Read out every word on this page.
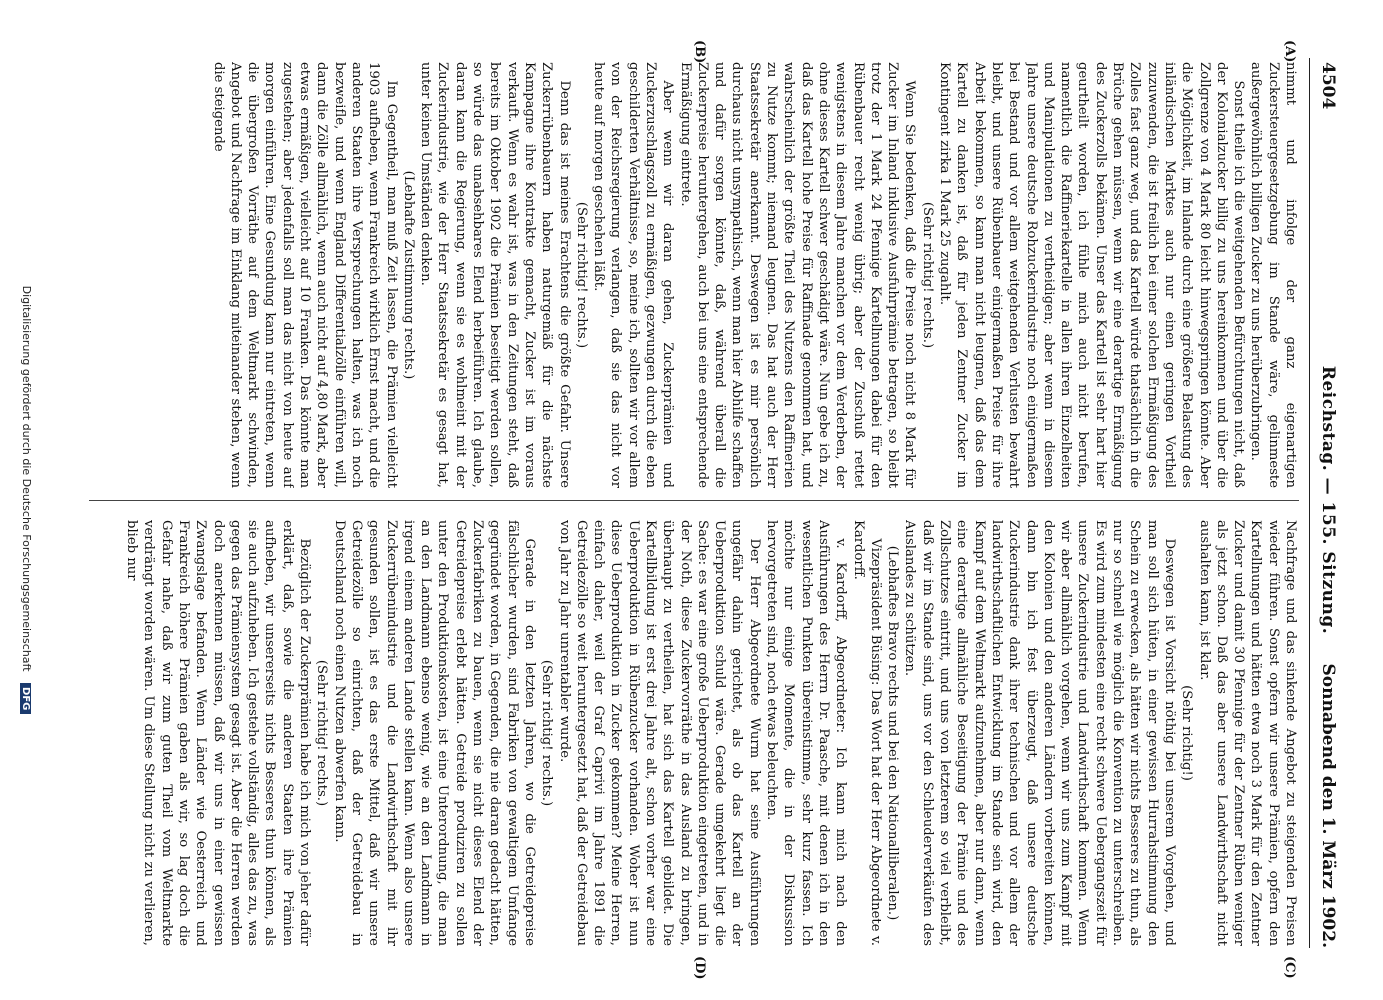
4504
Reichstag. — 155. Sitzung.
Sonnabend den 1. März 1902.
(A)
(B)
(C)
(D)

nimmt und infolge der ganz eigenartigen Zuckersteuergesetzgebung im Stande wäre, gelinmeste außergewöhnlich billigen Zucker zu uns herüberzubringen.

Sonst theile ich die weitgehenden Befürchtungen nicht, daß der Kolonialzucker billig zu uns hereinkommen und über die Zollgrenze von 4 Mark 80 leicht hinwegspringen könnte. Aber die Möglichkeit, im Inlande durch eine größere Belastung des inländischen Marktes auch nur einen geringen Vortheil zuzuwenden, die ist freilich bei einer solchen Ermäßigung des Zolles fast ganz weg, und das Kartell würde thatsächlich in die Brüche gehen müssen, wenn wir eine derartige Ermäßigung des Zuckerzolls bekämen. Unser das Kartell ist sehr hart hier geurtheilt worden, ich fühle mich auch nicht berufen, namentlich die Raffineriekartelle in allen ihren Einzelheiten und Manipulationen zu vertheidigen; aber wenn in diesem Jahre unsere deutsche Rohzuckerindustrie noch einigermaßen bei Bestand und vor allem weitgehenden Verlusten bewahrt bleibt, und unsere Rübenbauer einigermaßen Preise für ihre Arbeit bekommen, so kann man nicht leugnen, daß das dem Kartell zu danken ist, daß für jeden Zentner Zucker im Kontingent zirka 1 Mark 25 zugahlt.

(Sehr richtig! rechts.)

Wenn Sie bedenken, daß die Preise noch nicht 8 Mark für Zucker im Inland inklusive Ausfuhrprämie betragen, so bleibt trotz der 1 Mark 24 Pfennige Kartellnungen dabei für den Rübenbauer recht wenig übrig; aber der Zuschuß rettet wenigstens in diesem Jahre manchen vor dem Verderben, der ohne dieses Kartell schwer geschädigt wäre. Nun gebe ich zu, daß das Kartell hohe Preise für Raffinade genommen hat, und wahrscheinlich der größte Theil des Nutzens den Raffinerien zu Nutze kommt; niemand leugnen. Das hat auch der Herr Staatssekretär anerkannt. Deswegen ist es mir persönlich durchaus nicht unsympathisch, wenn man hier Abhilfe schaffen und dafür sorgen könnte, daß, während überall die Zuckerpreise heruntergehen, auch bei uns eine entsprechende Ermäßigung eintrete.

Aber wenn wir daran gehen, Zuckerprämien und Zuckerzuschlagszoll zu ermäßigen, gezwungen durch die eben geschilderten Verhältnisse, so, meine ich, sollten wir vor allem von der Reichsregierung verlangen, daß sie das nicht vor heute auf morgen geschehen läßt.

(Sehr richtig! rechts.)

Denn das ist meines Erachtens die größte Gefahr. Unsere Zuckerrübenbauern haben naturgemäß für die nächste Kampagne ihre Kontrakte gemacht, Zucker ist im voraus verkauft. Wenn es wahr ist, was in den Zeitungen steht, daß bereits im Oktober 1902 die Prämien beseitigt werden sollen, so würde das unabsehbares Elend herbeiführen. Ich glaube, daran kann die Regierung, wenn sie es wohlmeint mit der Zuckerindustrie, wie der Herr Staatssekretär es gesagt hat, unter keinen Umständen denken.

(Lebhafte Zustimmung rechts.)

Im Gegentheil, man muß Zeit lassen, die Prämien vielleicht 1903 aufheben, wenn Frankreich wirklich Ernst macht, und die anderen Staaten ihre Versprechungen halten, was ich noch bezweifle, und wenn England Differentialzölle einführen will, dann die Zölle allmählich, wenn auch nicht auf 4,80 Mark, aber etwas ermäßigen, vielleicht auf 10 Franken. Das könnte man zugestehen; aber jedenfalls soll man das nicht von heute auf morgen einführen. Eine Gesundung kann nur eintreten, wenn die übergroßen Vorräthe auf dem Weltmarkt schwinden, Angebot und Nachfrage im Einklang miteinander stehen, wenn die steigende

Nachfrage und das sinkende Angebot zu steigenden Preisen wieder führen. Sonst opfern wir unsere Prämien, opfern den Kartellnungen und hätten etwa noch 3 Mark für den Zentner Zucker und damit 30 Pfennige für der Zentner Rüben weniger als jetzt schon. Daß das aber unsere Landwirthschaft nicht aushalten kann, ist klar.

(Sehr richtig!)

Deswegen ist Vorsicht nöthig bei unserem Vorgehen, und man soll sich hüten, in einer gewissen Hurrahstimmung den Schein zu erwecken, als hätten wir nichts Besseres zu thun, als nur so schnell wie möglich die Konvention zu unterschreiben. Es wird zum mindesten eine recht schwere Uebergangszeit für unsere Zuckerindustrie und Landwirthschaft kommen. Wenn wir aber allmählich vorgehen, wenn wir uns zum Kampf mit den Kolonien und den anderen Ländern vorbereiten können, dann bin ich fest überzeugt, daß unsere deutsche Zuckerindustrie dank ihrer technischen und vor allem der landwirthschaftlichen Entwicklung im Stande sein wird, den Kampf auf dem Weltmarkt aufzunehmen, aber nur dann, wenn eine derartige allmähliche Beseitigung der Prämie und des Zollschutzes eintritt, und uns von letzterem so viel verbleibt, daß wir im Stande sind, uns vor den Schleuderverkäufen des Auslandes zu schützen.

(Lebhaftes Bravo rechts und bei den Nationalliberalen.)

Vizepräsident Büsing: Das Wort hat der Herr Abgeordnete v. Kardorff.

v. Kardorff, Abgeordneter: Ich kann mich nach den Ausführungen des Herrn Dr. Paasche, mit denen ich in den wesentlichen Punkten übereinstimme, sehr kurz fassen. Ich möchte nur einige Momente, die in der Diskussion hervorgetreten sind, noch etwas beleuchten.

Der Herr Abgeordnete Wurm hat seine Ausführungen ungefähr dahin gerichtet, als ob das Kartell an der Ueberproduktion schuld wäre. Gerade umgekehrt liegt die Sache: es war eine große Ueberproduktion eingetreten, und in der Noth, diese Zuckervorräthe in das Ausland zu bringen, überhaupt zu vertheilen, hat sich das Kartell gebildet. Die Kartellbildung ist erst drei Jahre alt, schon vorher war eine Ueberproduktion in Rübenzucker vorhanden. Woher ist nun diese Ueberproduktion in Zucker gekommen? Meine Herren, einfach daher, weil der Graf Caprivi im Jahre 1891 die Getreidezölle so weit heruntergesetzt hat, daß der Getreidebau von Jahr zu Jahr unrentabler wurde.

(Sehr richtig! rechts.)

Gerade in den letzten Jahren, wo die Getreidepreise fälschlicher wurden, sind Fabriken von gewaltigem Umfange gegründet worden, in Gegenden, die nie daran gedacht hätten, Zuckerfabriken zu bauen, wenn sie nicht dieses Elend der Getreidepreise erlebt hätten. Getreide produziren zu sollen unter den Produktionskosten, ist eine Unterordnung, die man an den Landmann ebenso wenig, wie an den Landmann in irgend einem anderen Lande stellen kann. Wenn also unsere Zuckerrübenindustrie und die Landwirthschaft mit ihr gesunden sollen, ist es das erste Mittel, daß wir unsere Getreidezölle so einrichten, daß der Getreidebau in Deutschland noch einen Nutzen abwerfen kann.

(Sehr richtig! rechts.)

Bezüglich der Zuckerprämien habe ich mich von jeher dafür erklärt, daß, sowie die anderen Staaten ihre Prämien aufheben, wir unsererseits nichts Besseres thun können, als sie auch aufzuheben. Ich gestehe vollständig, alles das zu, was gegen das Prämiensystem gesagt ist. Aber die Herren werden doch anerkennen müssen, daß wir uns in einer gewissen Zwangslage befanden. Wenn Länder wie Oesterreich und Frankreich höhere Prämien gaben als wir, so lag doch die Gefahr nahe, daß wir zum guten Theil vom Weltmarkte verdrängt worden wären. Um diese Stellung nicht zu verlieren, blieb nur

Digitalisierung gefördert durch die Deutsche Forschungsgemeinschaft DFG
